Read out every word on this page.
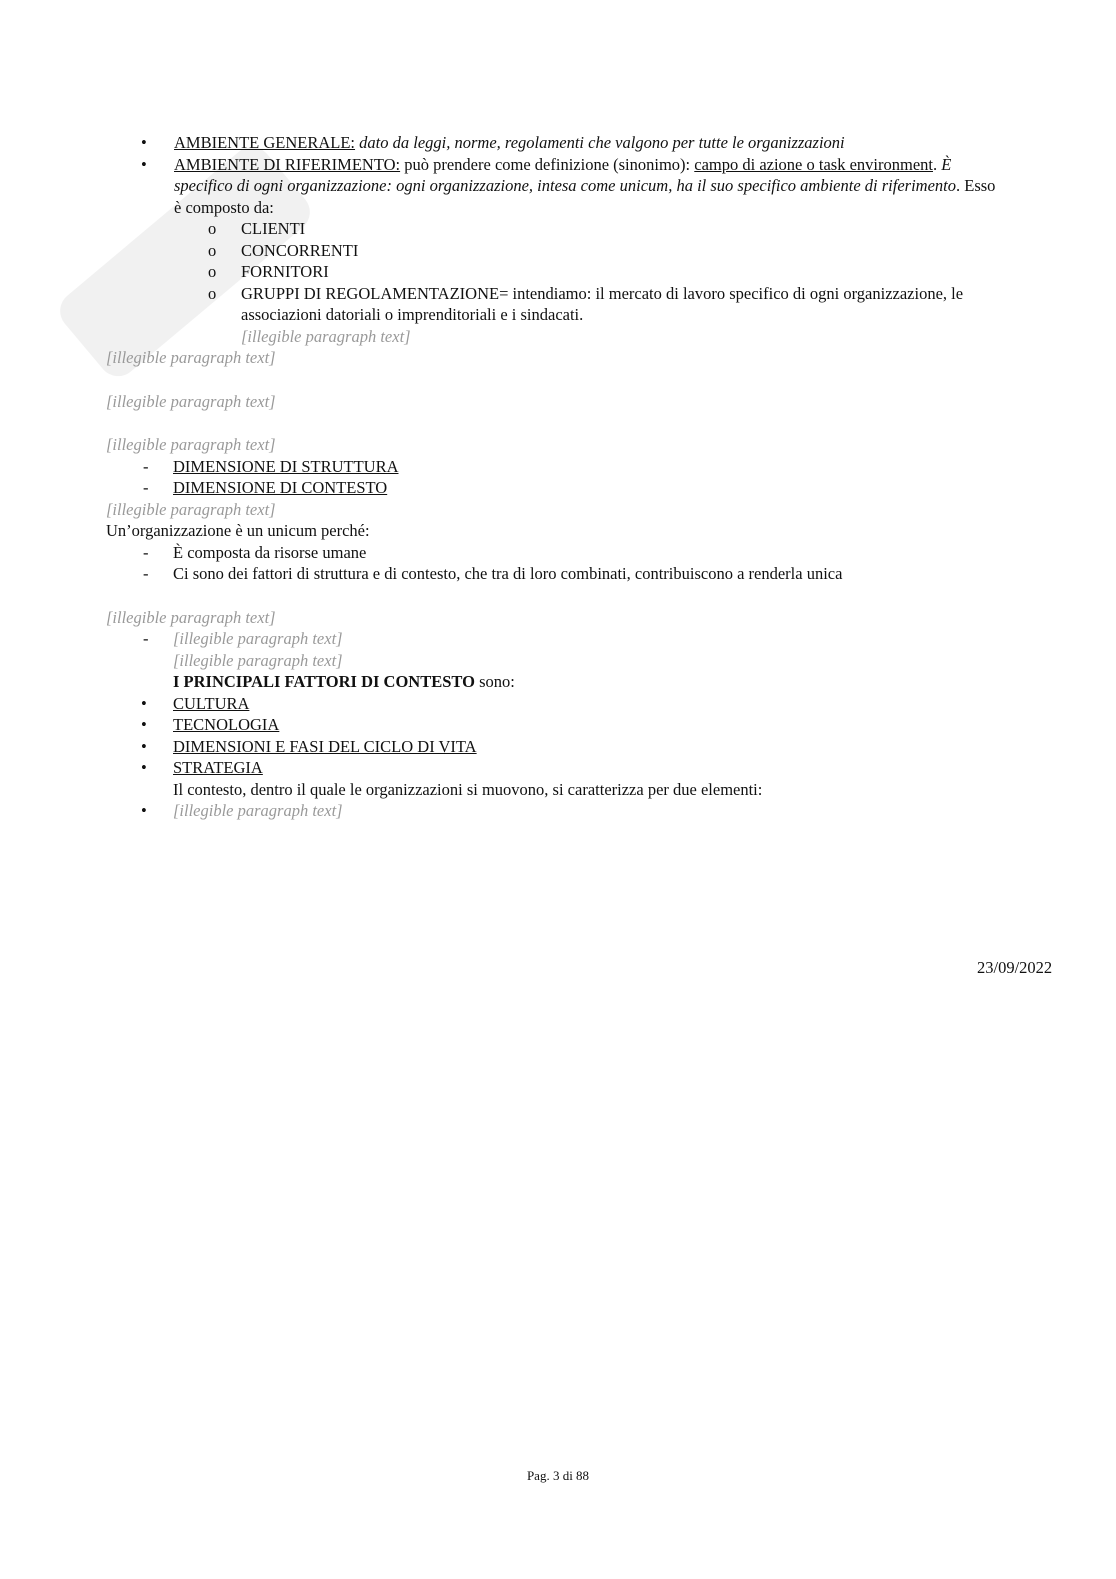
• AMBIENTE GENERALE: dato da leggi, norme, regolamenti che valgono per tutte le organizzazioni
• AMBIENTE DI RIFERIMENTO: può prendere come definizione (sinonimo): campo di azione o task environment. È specifico di ogni organizzazione: ogni organizzazione, intesa come unicum, ha il suo specifico ambiente di riferimento. Esso è composto da:
o CLIENTI
o CONCORRENTI
o FORNITORI
o GRUPPI DI REGOLAMENTAZIONE= intendiamo: il mercato di lavoro specifico di ogni organizzazione, le associazioni datoriali o imprenditoriali e i sindacati.

[illegible paragraph text]

[illegible paragraph text]

[illegible paragraph text]

[illegible paragraph text]

- DIMENSIONE DI STRUTTURA
- DIMENSIONE DI CONTESTO

[illegible paragraph text]

Un’organizzazione è un unicum perché:

- È composta da risorse umane
- Ci sono dei fattori di struttura e di contesto, che tra di loro combinati, contribuiscono a renderla unica

[illegible paragraph text]

- [illegible paragraph text]

[illegible paragraph text]

I PRINCIPALI FATTORI DI CONTESTO sono:

• CULTURA
• TECNOLOGIA
• DIMENSIONI E FASI DEL CICLO DI VITA
• STRATEGIA

Il contesto, dentro il quale le organizzazioni si muovono, si caratterizza per due elementi:

• [illegible paragraph text]
23/09/2022
Pag. 3 di 88
